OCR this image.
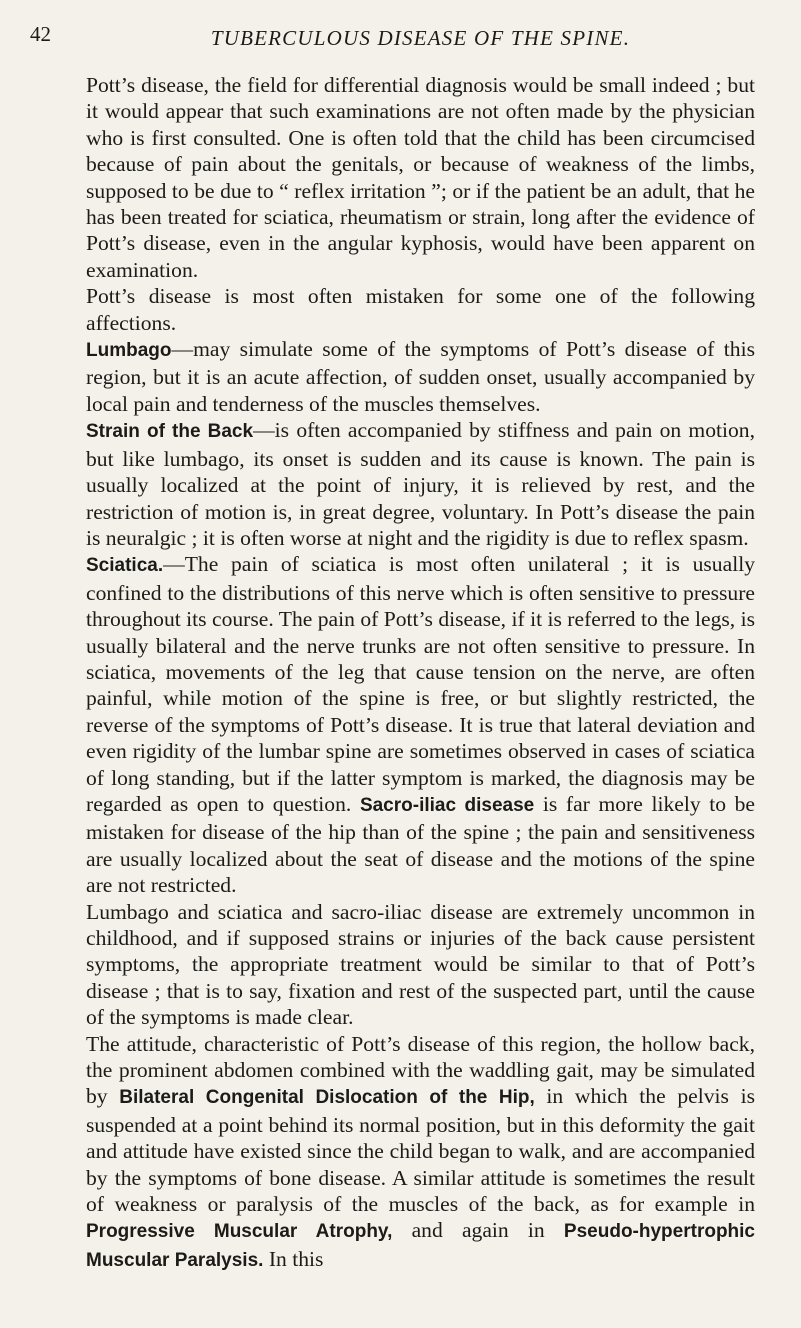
42	TUBERCULOUS DISEASE OF THE SPINE.

Pott’s disease, the field for differential diagnosis would be small indeed ; but it would appear that such examinations are not often made by the physician who is first consulted. One is often told that the child has been circumcised because of pain about the genitals, or because of weakness of the limbs, supposed to be due to “ reflex irritation ”; or if the patient be an adult, that he has been treated for sciatica, rheumatism or strain, long after the evidence of Pott’s disease, even in the angular kyphosis, would have been apparent on examination.

Pott’s disease is most often mistaken for some one of the following affections.

Lumbago—may simulate some of the symptoms of Pott’s disease of this region, but it is an acute affection, of sudden onset, usually accompanied by local pain and tenderness of the muscles themselves.

Strain of the Back—is often accompanied by stiffness and pain on motion, but like lumbago, its onset is sudden and its cause is known. The pain is usually localized at the point of injury, it is relieved by rest, and the restriction of motion is, in great degree, voluntary. In Pott’s disease the pain is neuralgic ; it is often worse at night and the rigidity is due to reflex spasm.

Sciatica.—The pain of sciatica is most often unilateral ; it is usually confined to the distributions of this nerve which is often sensitive to pressure throughout its course. The pain of Pott’s disease, if it is referred to the legs, is usually bilateral and the nerve trunks are not often sensitive to pressure. In sciatica, movements of the leg that cause tension on the nerve, are often painful, while motion of the spine is free, or but slightly restricted, the reverse of the symptoms of Pott’s disease. It is true that lateral deviation and even rigidity of the lumbar spine are sometimes observed in cases of sciatica of long standing, but if the latter symptom is marked, the diagnosis may be regarded as open to question. Sacro-iliac disease is far more likely to be mistaken for disease of the hip than of the spine ; the pain and sensitiveness are usually localized about the seat of disease and the motions of the spine are not restricted.

Lumbago and sciatica and sacro-iliac disease are extremely uncommon in childhood, and if supposed strains or injuries of the back cause persistent symptoms, the appropriate treatment would be similar to that of Pott’s disease ; that is to say, fixation and rest of the suspected part, until the cause of the symptoms is made clear.

The attitude, characteristic of Pott’s disease of this region, the hollow back, the prominent abdomen combined with the waddling gait, may be simulated by Bilateral Congenital Dislocation of the Hip, in which the pelvis is suspended at a point behind its normal position, but in this deformity the gait and attitude have existed since the child began to walk, and are accompanied by the symptoms of bone disease. A similar attitude is sometimes the result of weakness or paralysis of the muscles of the back, as for example in Progressive Muscular Atrophy, and again in Pseudo-hypertrophic Muscular Paralysis. In this
